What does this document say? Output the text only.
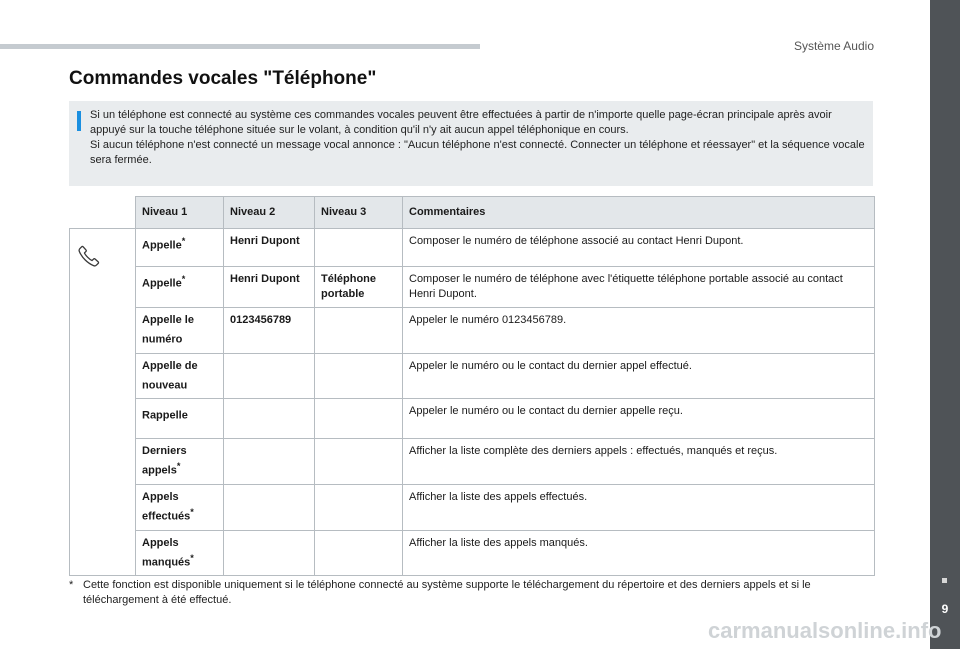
Système Audio
9
Commandes vocales "Téléphone"

Si un téléphone est connecté au système ces commandes vocales peuvent être effectuées à partir de n'importe quelle page-écran principale après avoir appuyé sur la touche téléphone située sur le volant, à condition qu'il n'y ait aucun appel téléphonique en cours.

Si aucun téléphone n'est connecté un message vocal annonce : "Aucun téléphone n'est connecté. Connecter un téléphone et réessayer" et la séquence vocale sera fermée.

	Niveau 1	Niveau 2	Niveau 3	Commentaires
	Appelle*	Henri Dupont		Composer le numéro de téléphone associé au contact Henri Dupont.
	Appelle*	Henri Dupont	Téléphone portable	Composer le numéro de téléphone avec l'étiquette téléphone portable associé au contact Henri Dupont.
	Appelle le numéro	0123456789		Appeler le numéro 0123456789.
	Appelle de nouveau			Appeler le numéro ou le contact du dernier appel effectué.
	Rappelle			Appeler le numéro ou le contact du dernier appelle reçu.
	Derniers appels*			Afficher la liste complète des derniers appels : effectués, manqués et reçus.
	Appels effectués*			Afficher la liste des appels effectués.
	Appels manqués*			Afficher la liste des appels manqués.
* Cette fonction est disponible uniquement si le téléphone connecté au système supporte le téléchargement du répertoire et des derniers appels et si le téléchargement à été effectué.
carmanualsonline.info
